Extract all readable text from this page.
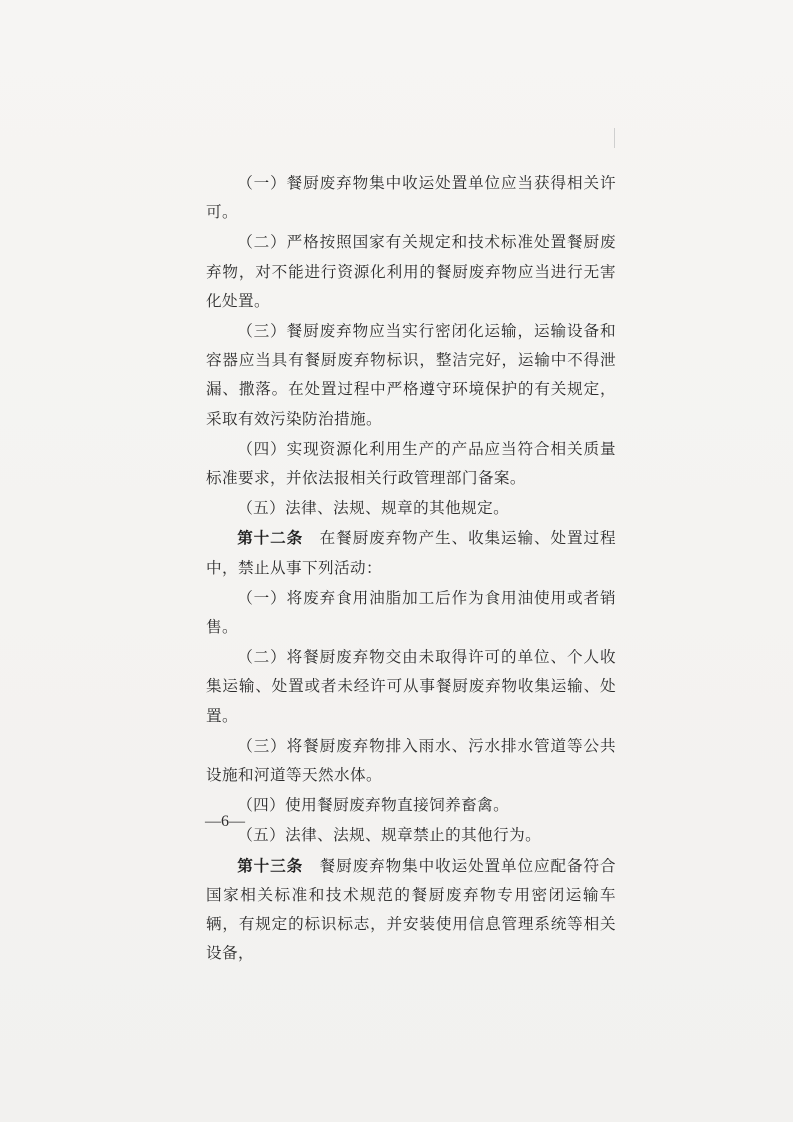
（一）餐厨废弃物集中收运处置单位应当获得相关许可。

（二）严格按照国家有关规定和技术标准处置餐厨废弃物，对不能进行资源化利用的餐厨废弃物应当进行无害化处置。

（三）餐厨废弃物应当实行密闭化运输，运输设备和容器应当具有餐厨废弃物标识，整洁完好，运输中不得泄漏、撒落。在处置过程中严格遵守环境保护的有关规定，采取有效污染防治措施。

（四）实现资源化利用生产的产品应当符合相关质量标准要求，并依法报相关行政管理部门备案。

（五）法律、法规、规章的其他规定。

第十二条　在餐厨废弃物产生、收集运输、处置过程中，禁止从事下列活动：

（一）将废弃食用油脂加工后作为食用油使用或者销售。

（二）将餐厨废弃物交由未取得许可的单位、个人收集运输、处置或者未经许可从事餐厨废弃物收集运输、处置。

（三）将餐厨废弃物排入雨水、污水排水管道等公共设施和河道等天然水体。

（四）使用餐厨废弃物直接饲养畜禽。

（五）法律、法规、规章禁止的其他行为。

第十三条　餐厨废弃物集中收运处置单位应配备符合国家相关标准和技术规范的餐厨废弃物专用密闭运输车辆，有规定的标识标志，并安装使用信息管理系统等相关设备，

—6—
